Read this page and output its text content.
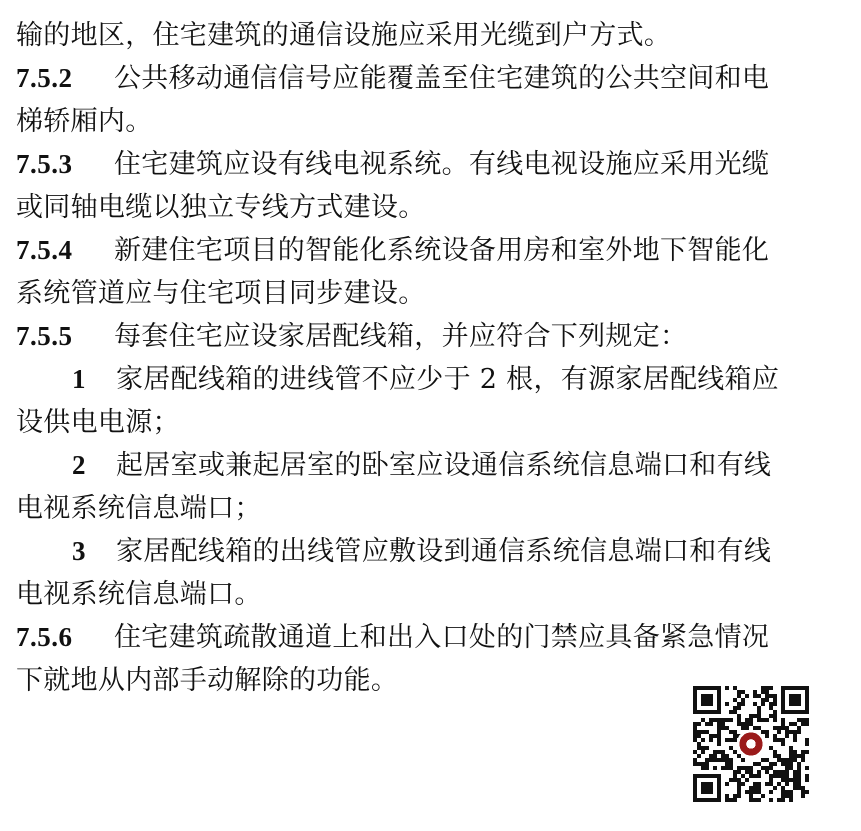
输的地区，住宅建筑的通信设施应采用光缆到户方式。
7.5.2 公共移动通信信号应能覆盖至住宅建筑的公共空间和电
梯轿厢内。
7.5.3 住宅建筑应设有线电视系统。有线电视设施应采用光缆
或同轴电缆以独立专线方式建设。
7.5.4 新建住宅项目的智能化系统设备用房和室外地下智能化
系统管道应与住宅项目同步建设。
7.5.5 每套住宅应设家居配线箱，并应符合下列规定：
1 家居配线箱的进线管不应少于 2 根，有源家居配线箱应
设供电电源；
2 起居室或兼起居室的卧室应设通信系统信息端口和有线
电视系统信息端口；
3 家居配线箱的出线管应敷设到通信系统信息端口和有线
电视系统信息端口。
7.5.6 住宅建筑疏散通道上和出入口处的门禁应具备紧急情况
下就地从内部手动解除的功能。
